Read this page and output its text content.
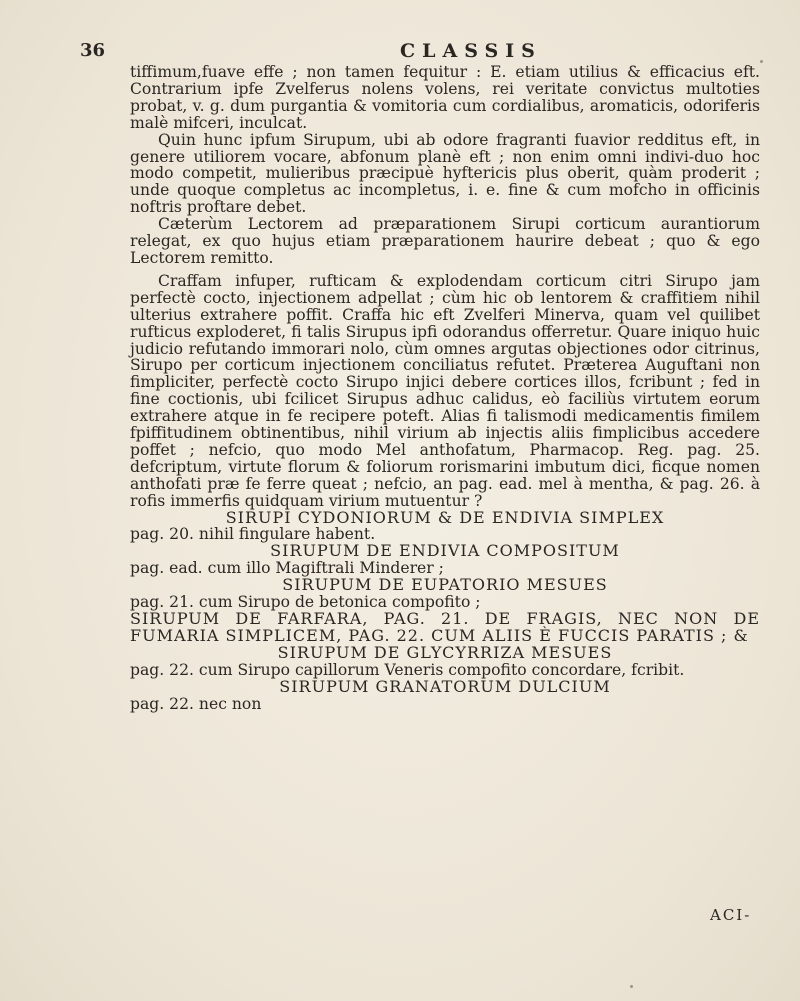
36	CLASSIS

tiffimum,fuave effe ; non tamen fequitur : E. etiam utilius & efficacius eft. Contrarium ipfe Zvelferus nolens volens, rei veritate convictus multoties probat, v. g. dum purgantia & vomitoria cum cordialibus, aromaticis, odoriferis malè mifceri, inculcat.

Quin hunc ipfum Sirupum, ubi ab odore fragranti fuavior redditus eft, in genere utiliorem vocare, abfonum planè eft ; non enim omni indivi-duo hoc modo competit, mulieribus præcipuè hyftericis plus oberit, quàm proderit ; unde quoque completus ac incompletus, i. e. fine & cum mofcho in officinis noftris proftare debet.

Cæterùm Lectorem ad præparationem Sirupi corticum aurantiorum relegat, ex quo hujus etiam præparationem haurire debeat ; quo & ego Lectorem remitto.

Craffam infuper, rufticam & explodendam corticum citri Sirupo jam perfectè cocto, injectionem adpellat ; cùm hic ob lentorem & craffitiem nihil ulterius extrahere poffit. Craffa hic eft Zvelferi Minerva, quam vel quilibet rufticus exploderet, fi talis Sirupus ipfi odorandus offerretur. Quare iniquo huic judicio refutando immorari nolo, cùm omnes argutas objectiones odor citrinus, Sirupo per corticum injectionem conciliatus refutet. Præterea Auguftani non fimpliciter, perfectè cocto Sirupo injici debere cortices illos, fcribunt ; fed in fine coctionis, ubi fcilicet Sirupus adhuc calidus, eò faciliùs virtutem eorum extrahere atque in fe recipere poteft. Alias fi talismodi medicamentis fimilem fpiffitudinem obtinentibus, nihil virium ab injectis aliis fimplicibus accedere poffet ; nefcio, quo modo Mel anthofatum, Pharmacop. Reg. pag. 25. defcriptum, virtute florum & foliorum rorismarini imbutum dici, ficque nomen anthofati præ fe ferre queat ; nefcio, an pag. ead. mel à mentha, & pag. 26. à rofis immerfis quidquam virium mutuentur ?

SIRUPI CYDONIORUM & DE ENDIVIA SIMPLEX

pag. 20. nihil fingulare habent.

SIRUPUM DE ENDIVIA COMPOSITUM

pag. ead. cum illo Magiftrali Minderer ;

SIRUPUM DE EUPATORIO MESUES

pag. 21. cum Sirupo de betonica compofito ;

SIRUPUM DE FARFARA, PAG. 21. DE FRAGIS, NEC NON DE FUMARIA SIMPLICEM, PAG. 22. CUM ALIIS È FUCCIS PARATIS ; &

SIRUPUM DE GLYCYRRIZA MESUES

pag. 22. cum Sirupo capillorum Veneris compofito concordare, fcribit.

SIRUPUM GRANATORUM DULCIUM

pag. 22. nec non

ACI-
